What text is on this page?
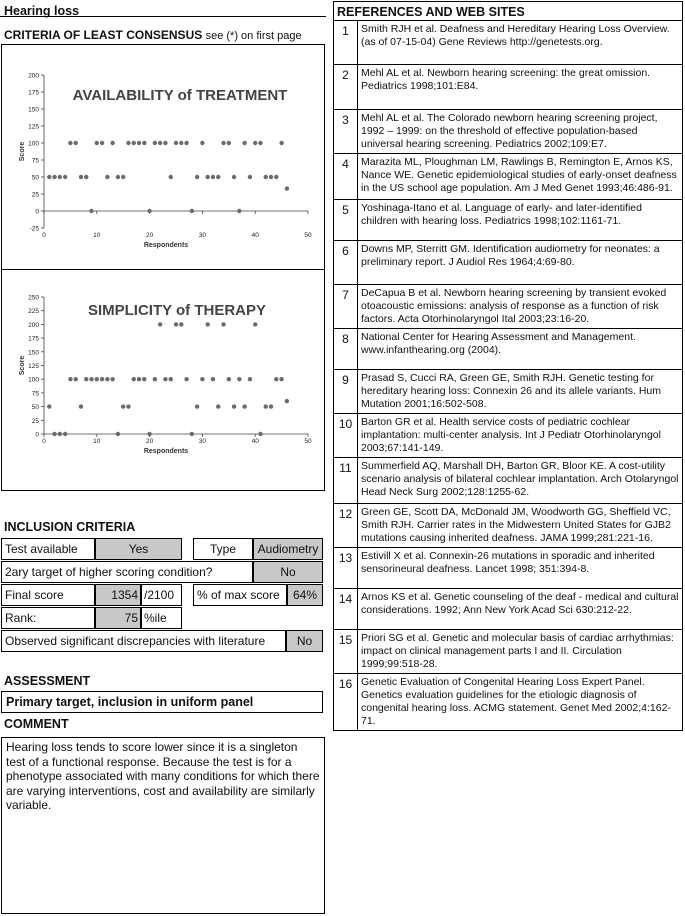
Hearing loss
CRITERIA OF LEAST CONSENSUS see (*) on first page
-25
0
25
50
75
100
125
150
175
200
0	10	20	30	40	50
Respondents
Score
AVAILABILITY of TREATMENT
0
25
50
75
100
125
150
175
200
225
250
0	10	20	30	40	50
Respondents
Score
SIMPLICITY of THERAPY
INCLUSION CRITERIA
Test available	Yes	Type	Audiometry
2ary target of higher scoring condition?	No
Final score	1354 /2100	% of max score	64%
Rank:	75 %ile
Observed significant discrepancies with literature	No
ASSESSMENT
Primary target, inclusion in uniform panel
COMMENT
Hearing loss tends to score lower since it is a singleton test of a functional response. Because the test is for a phenotype associated with many conditions for which there are varying interventions, cost and availability are similarly variable.
REFERENCES AND WEB SITES
1	Smith RJH et al. Deafness and Hereditary Hearing Loss Overview. (as of 07-15-04) Gene Reviews http://genetests.org.
2	Mehl AL et al. Newborn hearing screening: the great omission. Pediatrics 1998;101:E84.
3	Mehl AL et al. The Colorado newborn hearing screening project, 1992 – 1999: on the threshold of effective population-based universal hearing screening. Pediatrics 2002;109:E7.
4	Marazita ML, Ploughman LM, Rawlings B, Remington E, Arnos KS, Nance WE. Genetic epidemiological studies of early-onset deafness in the US school age population. Am J Med Genet 1993;46:486-91.
5	Yoshinaga-Itano et al. Language of early- and later-identified children with hearing loss. Pediatrics 1998;102:1161-71.
6	Downs MP, Sterritt GM. Identification audiometry for neonates: a preliminary report. J Audiol Res 1964;4:69-80.
7	DeCapua B et al. Newborn hearing screening by transient evoked otoacoustic emissions: analysis of response as a function of risk factors. Acta Otorhinolaryngol Ital 2003;23:16-20.
8	National Center for Hearing Assessment and Management. www.infanthearing.org (2004).
9	Prasad S, Cucci RA, Green GE, Smith RJH. Genetic testing for hereditary hearing loss: Connexin 26 and its allele variants. Hum Mutation 2001;16:502-508.
10	Barton GR et al. Health service costs of pediatric cochlear implantation: multi-center analysis. Int J Pediatr Otorhinolaryngol 2003;67:141-149.
11	Summerfield AQ, Marshall DH, Barton GR, Bloor KE. A cost-utility scenario analysis of bilateral cochlear implantation. Arch Otolaryngol Head Neck Surg 2002;128:1255-62.
12	Green GE, Scott DA, McDonald JM, Woodworth GG, Sheffield VC, Smith RJH. Carrier rates in the Midwestern United States for GJB2 mutations causing inherited deafness. JAMA 1999;281:221-16.
13	Estivill X et al. Connexin-26 mutations in sporadic and inherited sensorineural deafness. Lancet 1998; 351:394-8.
14	Arnos KS et al. Genetic counseling of the deaf - medical and cultural considerations. 1992; Ann New York Acad Sci 630:212-22.
15	Priori SG et al. Genetic and molecular basis of cardiac arrhythmias: impact on clinical management parts I and II. Circulation 1999;99:518-28.
16	Genetic Evaluation of Congenital Hearing Loss Expert Panel. Genetics evaluation guidelines for the etiologic diagnosis of congenital hearing loss. ACMG statement. Genet Med 2002;4:162-71.
